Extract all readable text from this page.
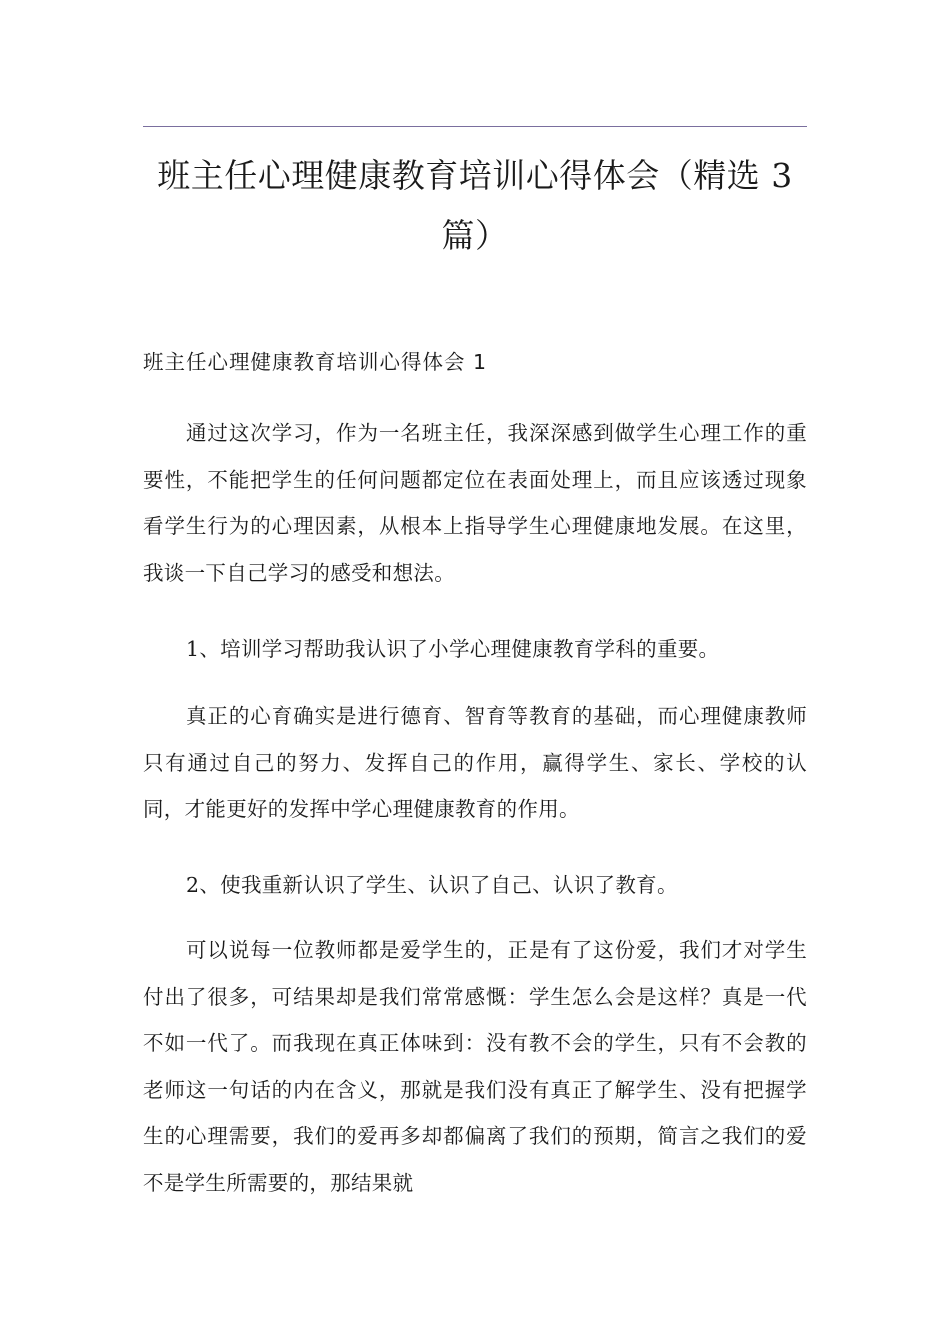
班主任心理健康教育培训心得体会（精选 3 篇）
班主任心理健康教育培训心得体会 1

通过这次学习，作为一名班主任，我深深感到做学生心理工作的重要性，不能把学生的任何问题都定位在表面处理上，而且应该透过现象看学生行为的心理因素，从根本上指导学生心理健康地发展。在这里，我谈一下自己学习的感受和想法。

1、培训学习帮助我认识了小学心理健康教育学科的重要。

真正的心育确实是进行德育、智育等教育的基础，而心理健康教师只有通过自己的努力、发挥自己的作用，赢得学生、家长、学校的认同，才能更好的发挥中学心理健康教育的作用。

2、使我重新认识了学生、认识了自己、认识了教育。

可以说每一位教师都是爱学生的，正是有了这份爱，我们才对学生付出了很多，可结果却是我们常常感慨：学生怎么会是这样？真是一代不如一代了。而我现在真正体味到：没有教不会的学生，只有不会教的老师这一句话的内在含义，那就是我们没有真正了解学生、没有把握学生的心理需要，我们的爱再多却都偏离了我们的预期，简言之我们的爱不是学生所需要的，那结果就
